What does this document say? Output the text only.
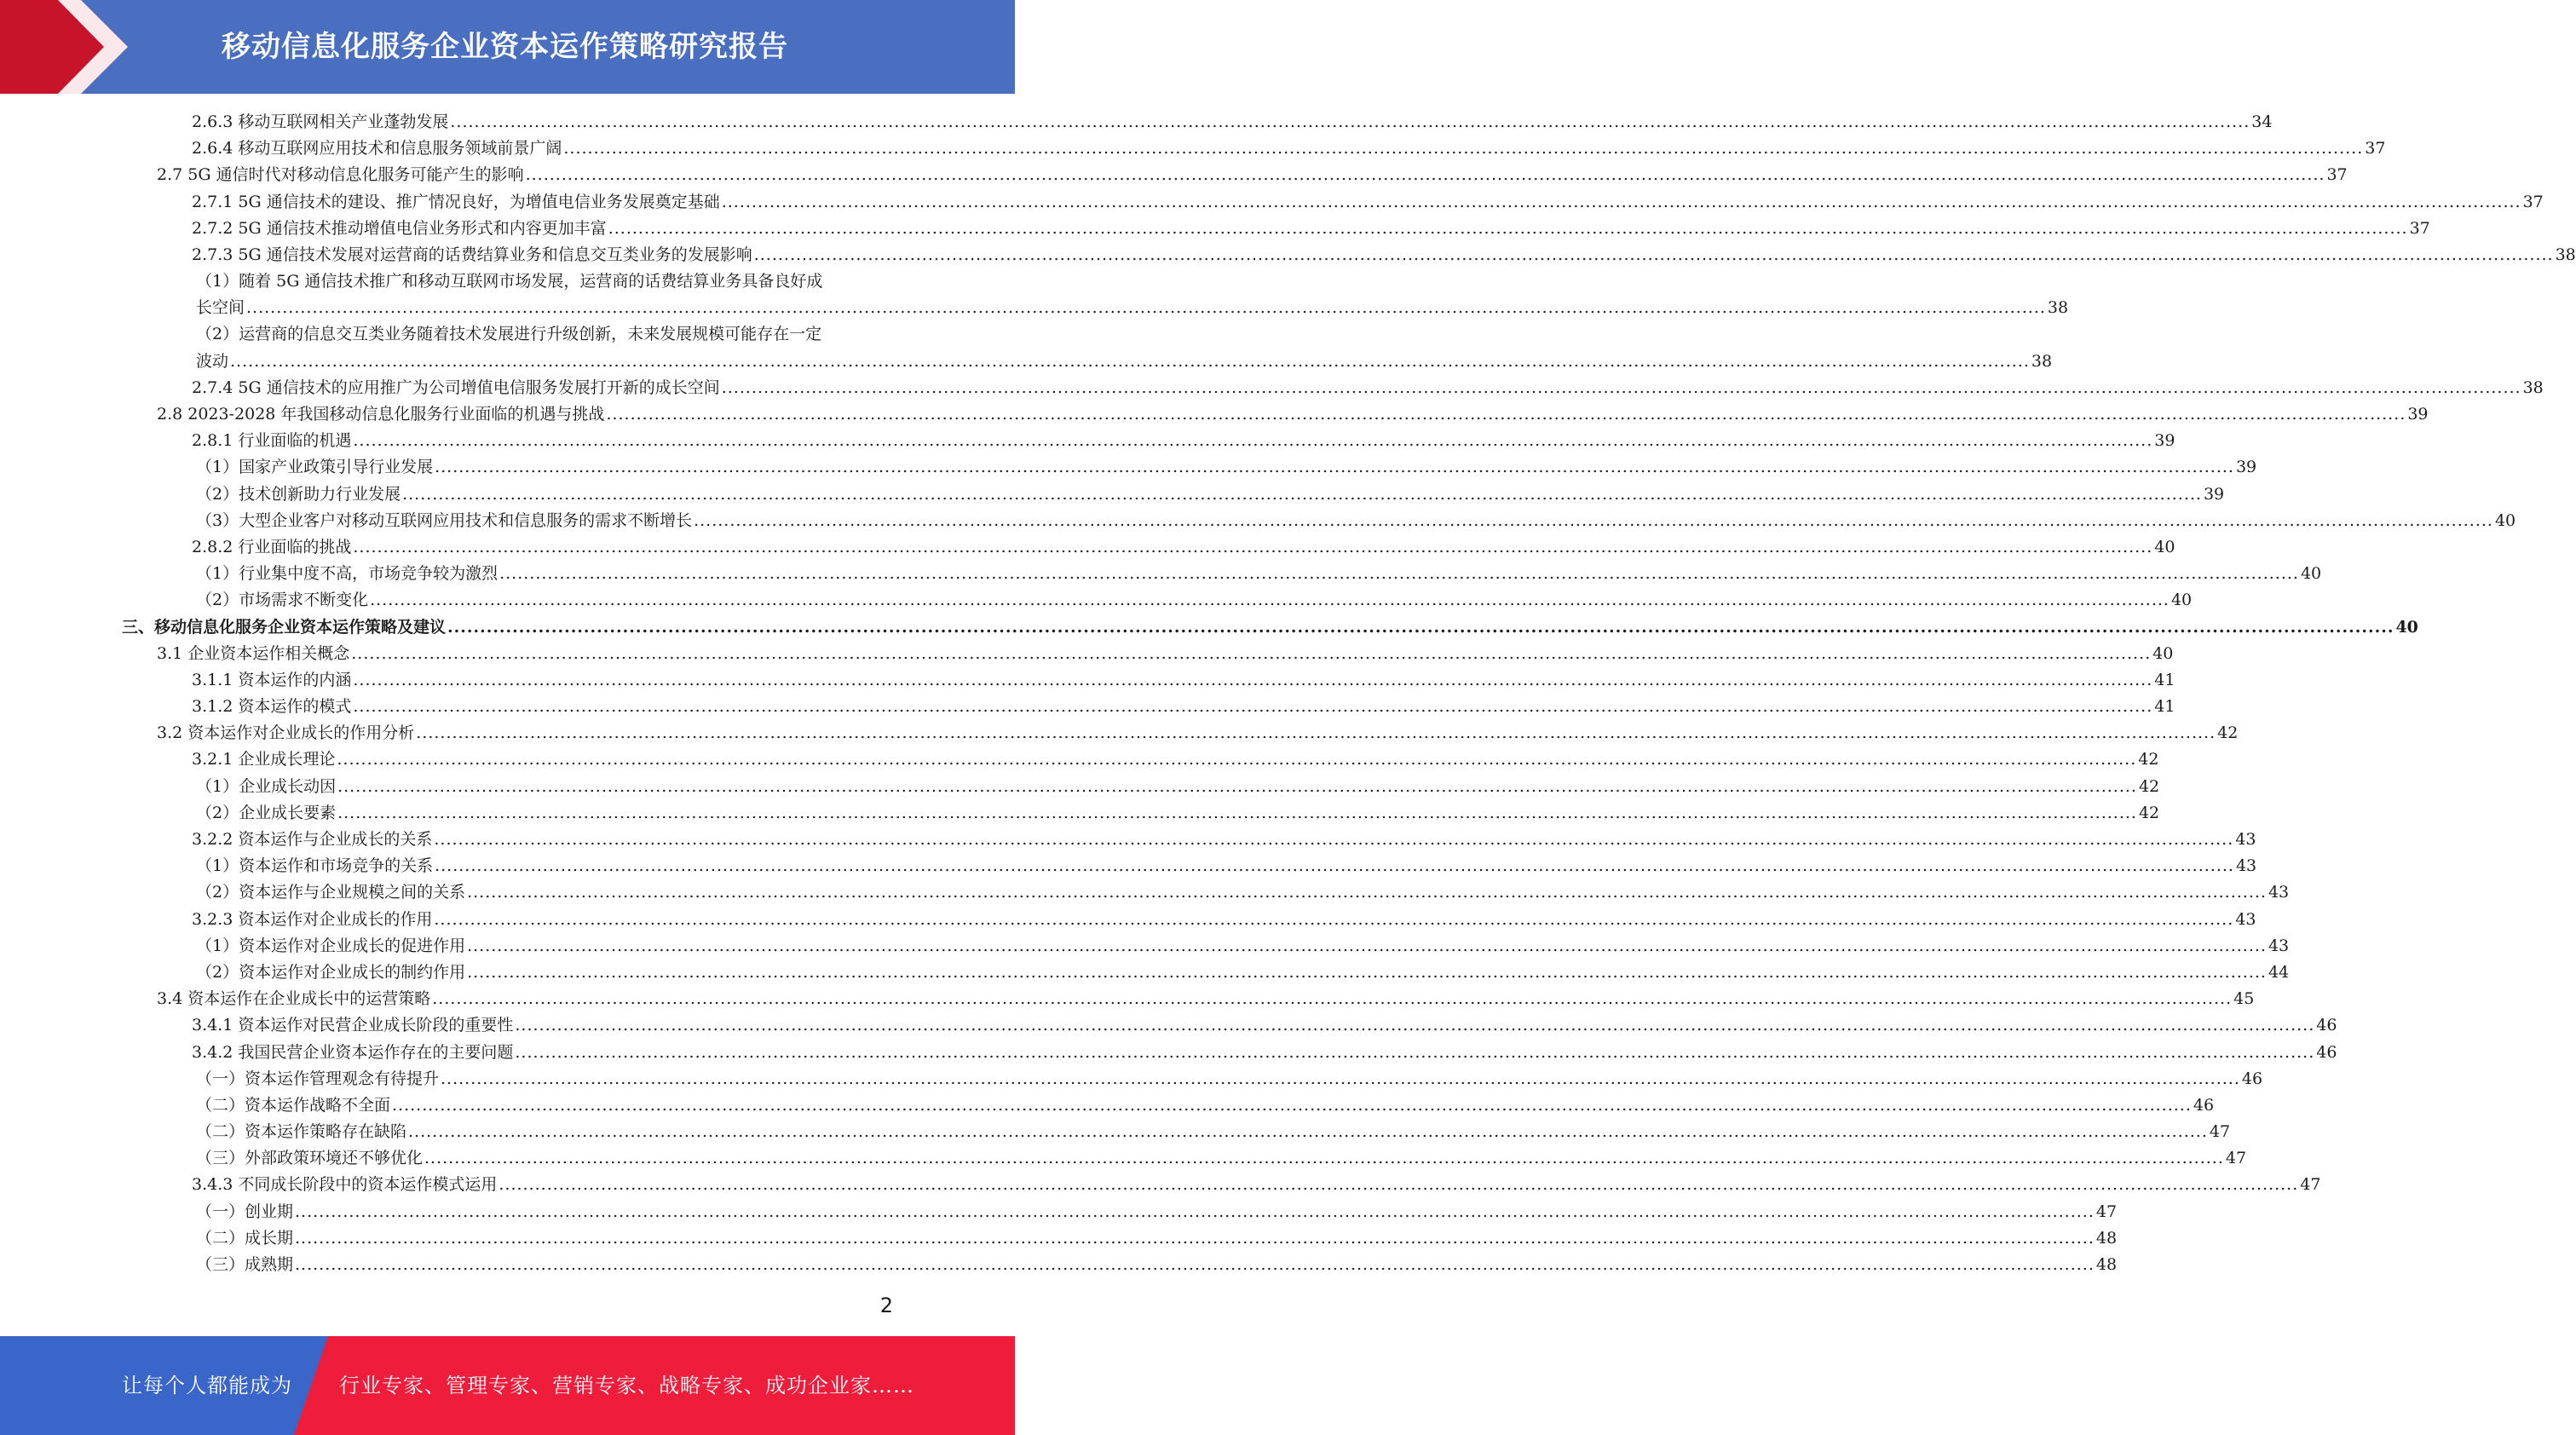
移动信息化服务企业资本运作策略研究报告
2.6.3 移动互联网相关产业蓬勃发展 ............................................................................................................................................................................................................................................................................................................ 34
2.6.4 移动互联网应用技术和信息服务领域前景广阔 ............................................................................................................................................................................................................................................................................................................ 37
2.7 5G 通信时代对移动信息化服务可能产生的影响 ............................................................................................................................................................................................................................................................................................................ 37
2.7.1 5G 通信技术的建设、推广情况良好，为增值电信业务发展奠定基础 ............................................................................................................................................................................................................................................................................................................ 37
2.7.2 5G 通信技术推动增值电信业务形式和内容更加丰富 ............................................................................................................................................................................................................................................................................................................ 37
2.7.3 5G 通信技术发展对运营商的话费结算业务和信息交互类业务的发展影响 ............................................................................................................................................................................................................................................................................................................ 38
（1）随着 5G 通信技术推广和移动互联网市场发展，运营商的话费结算业务具备良好成
长空间 ............................................................................................................................................................................................................................................................................................................ 38
（2）运营商的信息交互类业务随着技术发展进行升级创新，未来发展规模可能存在一定
波动 ............................................................................................................................................................................................................................................................................................................ 38
2.7.4 5G 通信技术的应用推广为公司增值电信服务发展打开新的成长空间 ............................................................................................................................................................................................................................................................................................................ 38
2.8 2023-2028 年我国移动信息化服务行业面临的机遇与挑战 ............................................................................................................................................................................................................................................................................................................ 39
2.8.1 行业面临的机遇 ............................................................................................................................................................................................................................................................................................................ 39
（1）国家产业政策引导行业发展 ............................................................................................................................................................................................................................................................................................................ 39
（2）技术创新助力行业发展 ............................................................................................................................................................................................................................................................................................................ 39
（3）大型企业客户对移动互联网应用技术和信息服务的需求不断增长 ............................................................................................................................................................................................................................................................................................................ 40
2.8.2 行业面临的挑战 ............................................................................................................................................................................................................................................................................................................ 40
（1）行业集中度不高，市场竞争较为激烈 ............................................................................................................................................................................................................................................................................................................ 40
（2）市场需求不断变化 ............................................................................................................................................................................................................................................................................................................ 40
三、移动信息化服务企业资本运作策略及建议 ............................................................................................................................................................................................................................................................................................................ 40
3.1 企业资本运作相关概念 ............................................................................................................................................................................................................................................................................................................ 40
3.1.1 资本运作的内涵 ............................................................................................................................................................................................................................................................................................................ 41
3.1.2 资本运作的模式 ............................................................................................................................................................................................................................................................................................................ 41
3.2 资本运作对企业成长的作用分析 ............................................................................................................................................................................................................................................................................................................ 42
3.2.1 企业成长理论 ............................................................................................................................................................................................................................................................................................................ 42
（1）企业成长动因 ............................................................................................................................................................................................................................................................................................................ 42
（2）企业成长要素 ............................................................................................................................................................................................................................................................................................................ 42
3.2.2 资本运作与企业成长的关系 ............................................................................................................................................................................................................................................................................................................ 43
（1）资本运作和市场竞争的关系 ............................................................................................................................................................................................................................................................................................................ 43
（2）资本运作与企业规模之间的关系 ............................................................................................................................................................................................................................................................................................................ 43
3.2.3 资本运作对企业成长的作用 ............................................................................................................................................................................................................................................................................................................ 43
（1）资本运作对企业成长的促进作用 ............................................................................................................................................................................................................................................................................................................ 43
（2）资本运作对企业成长的制约作用 ............................................................................................................................................................................................................................................................................................................ 44
3.4 资本运作在企业成长中的运营策略 ............................................................................................................................................................................................................................................................................................................ 45
3.4.1 资本运作对民营企业成长阶段的重要性 ............................................................................................................................................................................................................................................................................................................ 46
3.4.2 我国民营企业资本运作存在的主要问题 ............................................................................................................................................................................................................................................................................................................ 46
（一）资本运作管理观念有待提升 ............................................................................................................................................................................................................................................................................................................ 46
（二）资本运作战略不全面 ............................................................................................................................................................................................................................................................................................................ 46
（二）资本运作策略存在缺陷 ............................................................................................................................................................................................................................................................................................................ 47
（三）外部政策环境还不够优化 ............................................................................................................................................................................................................................................................................................................ 47
3.4.3 不同成长阶段中的资本运作模式运用 ............................................................................................................................................................................................................................................................................................................ 47
（一）创业期 ............................................................................................................................................................................................................................................................................................................ 47
（二）成长期 ............................................................................................................................................................................................................................................................................................................ 48
（三）成熟期 ............................................................................................................................................................................................................................................................................................................ 48
2
让每个人都能成为 行业专家、管理专家、营销专家、战略专家、成功企业家……
